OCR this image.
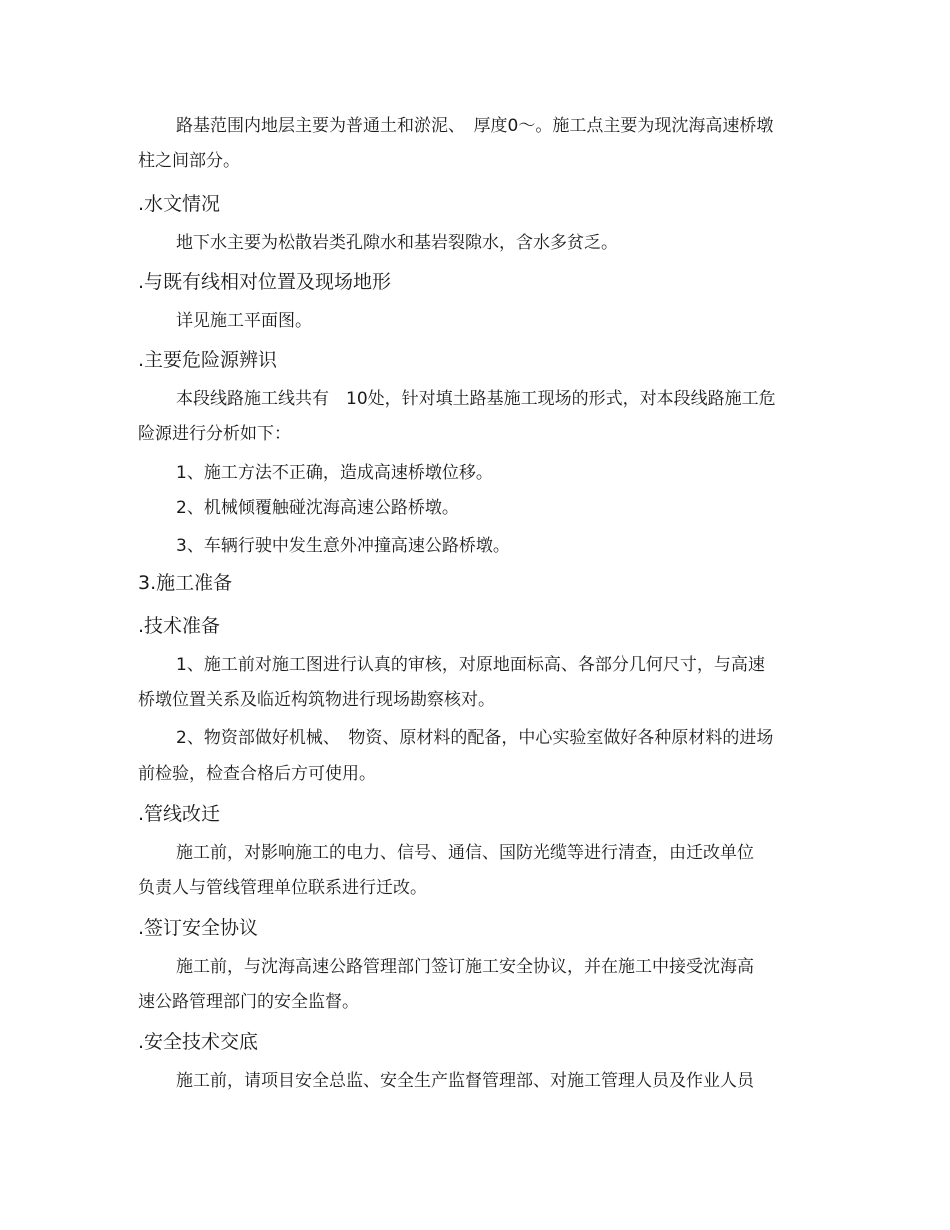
路基范围内地层主要为普通土和淤泥、　厚度0～。施工点主要为现沈海高速桥墩
柱之间部分。
.水文情况
地下水主要为松散岩类孔隙水和基岩裂隙水，含水多贫乏。
.与既有线相对位置及现场地形
详见施工平面图。
.主要危险源辨识
本段线路施工线共有　10处，针对填土路基施工现场的形式，对本段线路施工危
险源进行分析如下：
1、施工方法不正确，造成高速桥墩位移。
2、机械倾覆触碰沈海高速公路桥墩。
3、车辆行驶中发生意外冲撞高速公路桥墩。
3.施工准备
.技术准备
1、施工前对施工图进行认真的审核，对原地面标高、各部分几何尺寸，与高速
桥墩位置关系及临近构筑物进行现场勘察核对。
2、物资部做好机械、　物资、原材料的配备，中心实验室做好各种原材料的进场
前检验，检查合格后方可使用。
.管线改迁
施工前，对影响施工的电力、信号、通信、国防光缆等进行清查，由迁改单位
负责人与管线管理单位联系进行迁改。
.签订安全协议
施工前，与沈海高速公路管理部门签订施工安全协议，并在施工中接受沈海高
速公路管理部门的安全监督。
.安全技术交底
施工前，请项目安全总监、安全生产监督管理部、对施工管理人员及作业人员
